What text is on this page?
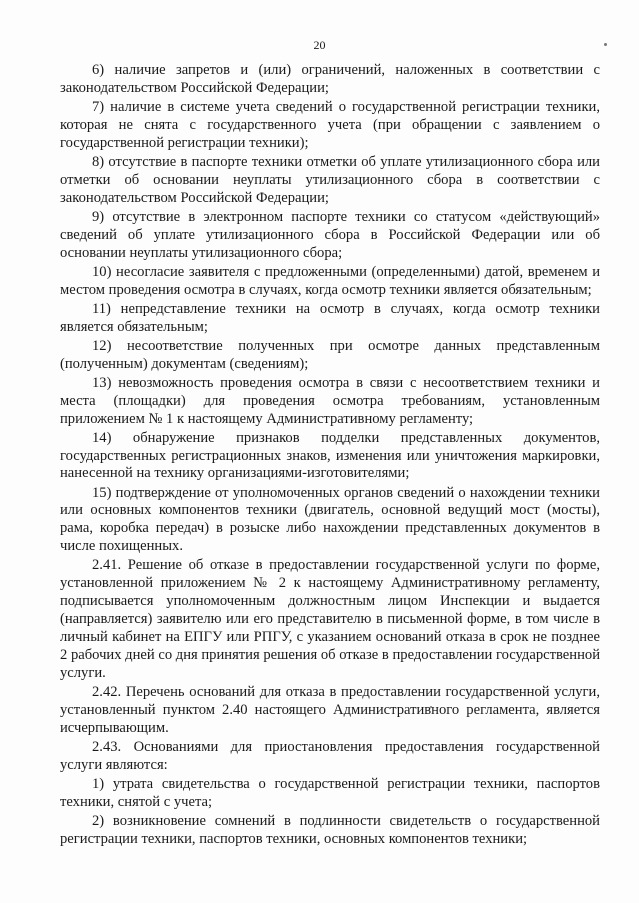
20

6) наличие запретов и (или) ограничений, наложенных в соответствии с законодательством Российской Федерации;

7) наличие в системе учета сведений о государственной регистрации техники, которая не снята с государственного учета (при обращении с заявлением о государственной регистрации техники);

8) отсутствие в паспорте техники отметки об уплате утилизационного сбора или отметки об основании неуплаты утилизационного сбора в соответствии с законодательством Российской Федерации;

9) отсутствие в электронном паспорте техники со статусом «действующий» сведений об уплате утилизационного сбора в Российской Федерации или об основании неуплаты утилизационного сбора;

10) несогласие заявителя с предложенными (определенными) датой, временем и местом проведения осмотра в случаях, когда осмотр техники является обязательным;

11) непредставление техники на осмотр в случаях, когда осмотр техники является обязательным;

12) несоответствие полученных при осмотре данных представленным (полученным) документам (сведениям);

13) невозможность проведения осмотра в связи с несоответствием техники и места (площадки) для проведения осмотра требованиям, установленным приложением № 1 к настоящему Административному регламенту;

14) обнаружение признаков подделки представленных документов, государственных регистрационных знаков, изменения или уничтожения маркировки, нанесенной на технику организациями-изготовителями;

15) подтверждение от уполномоченных органов сведений о нахождении техники или основных компонентов техники (двигатель, основной ведущий мост (мосты), рама, коробка передач) в розыске либо нахождении представленных документов в числе похищенных.

2.41. Решение об отказе в предоставлении государственной услуги по форме, установленной приложением № 2 к настоящему Административному регламенту, подписывается уполномоченным должностным лицом Инспекции и выдается (направляется) заявителю или его представителю в письменной форме, в том числе в личный кабинет на ЕПГУ или РПГУ, с указанием оснований отказа в срок не позднее 2 рабочих дней со дня принятия решения об отказе в предоставлении государственной услуги.

2.42. Перечень оснований для отказа в предоставлении государственной услуги, установленный пунктом 2.40 настоящего Административного регламента, является исчерпывающим.

2.43. Основаниями для приостановления предоставления государственной услуги являются:

1) утрата свидетельства о государственной регистрации техники, паспортов техники, снятой с учета;

2) возникновение сомнений в подлинности свидетельств о государственной регистрации техники, паспортов техники, основных компонентов техники;
